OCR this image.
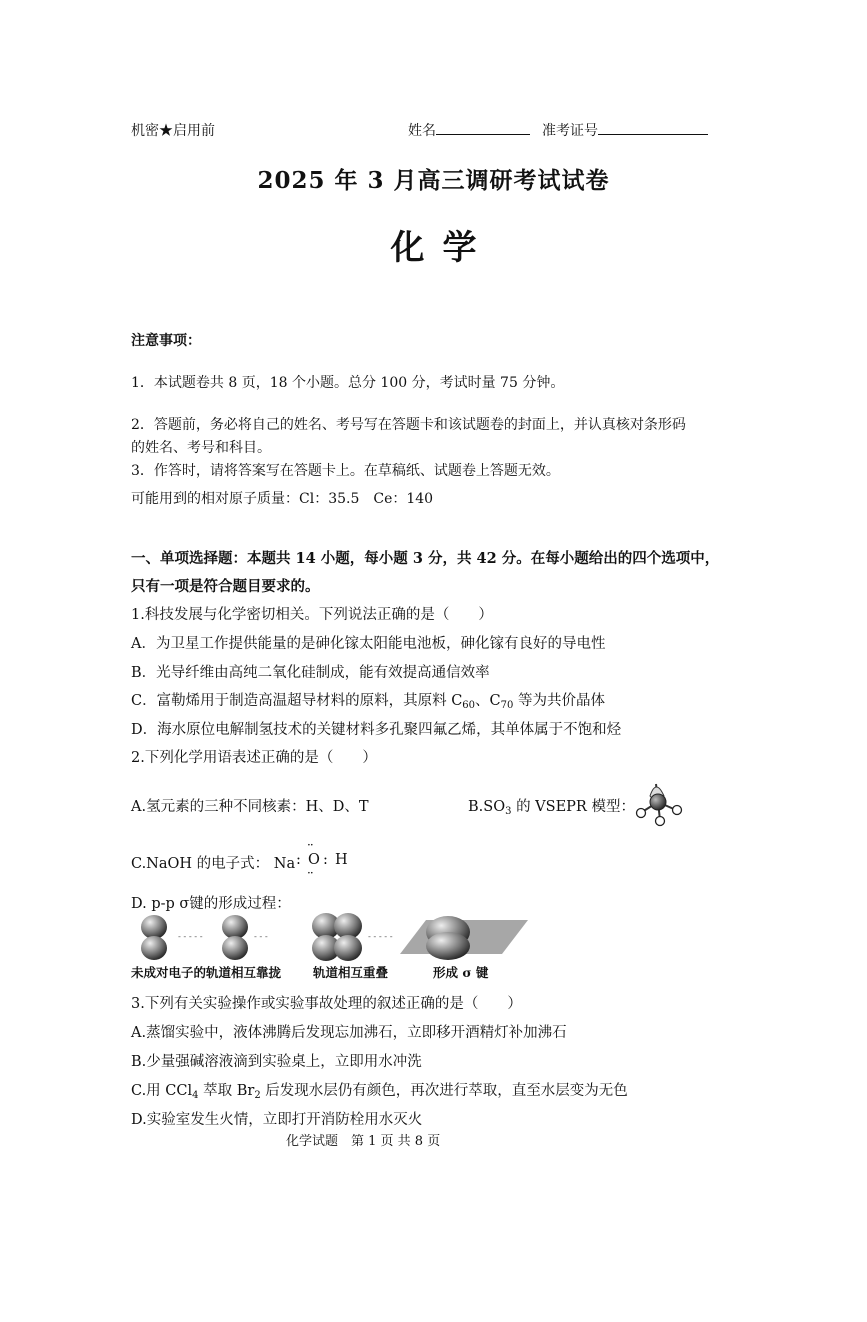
机密★启用前	姓名	准考证号
2025 年 3 月高三调研考试试卷
化学
注意事项：
1．本试题卷共 8 页，18 个小题。总分 100 分，考试时量 75 分钟。
2．答题前，务必将自己的姓名、考号写在答题卡和该试题卷的封面上，并认真核对条形码
的姓名、考号和科目。
3．作答时，请将答案写在答题卡上。在草稿纸、试题卷上答题无效。
可能用到的相对原子质量：Cl：35.5　Ce：140
一、单项选择题：本题共 14 小题，每小题 3 分，共 42 分。在每小题给出的四个选项中，
只有一项是符合题目要求的。
1.科技发展与化学密切相关。下列说法正确的是（　　）
A．为卫星工作提供能量的是砷化镓太阳能电池板，砷化镓有良好的导电性
B．光导纤维由高纯二氧化硅制成，能有效提高通信效率
C．富勒烯用于制造高温超导材料的原料，其原料 $C_{60}$、$C_{70}$ 等为共价晶体
D．海水原位电解制氢技术的关键材料多孔聚四氟乙烯，其单体属于不饱和烃
2.下列化学用语表述正确的是（　　）
A.氢元素的三种不同核素：H、D、T	$B.SO_3$ 的 VSEPR 模型：
C.NaOH 的电子式： Na : O
··
··
: H
D. p-p σ键的形成过程：
- - - - -	- - -	- - - - -
未成对电子的轨道相互靠拢	轨道相互重叠	形成 σ 键
3.下列有关实验操作或实验事故处理的叙述正确的是（　　）
A.蒸馏实验中，液体沸腾后发现忘加沸石，立即移开酒精灯补加沸石
B.少量强碱溶液滴到实验桌上，立即用水冲洗
C.用 CCl$_4$ 萃取 $Br_2$ 后发现水层仍有颜色，再次进行萃取，直至水层变为无色
D.实验室发生火情，立即打开消防栓用水灭火
化学试题　第 1 页 共 8 页
